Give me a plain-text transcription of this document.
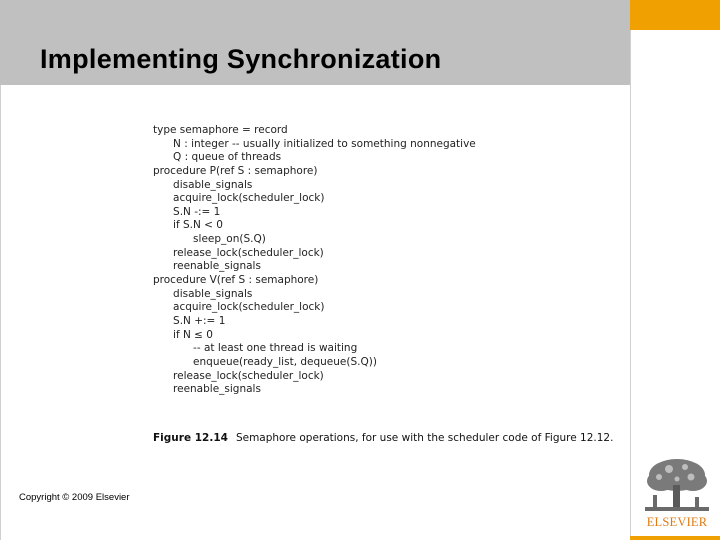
Implementing Synchronization
type semaphore = record
N : integer -- usually initialized to something nonnegative
Q : queue of threads
procedure P(ref S : semaphore)
disable_signals
acquire_lock(scheduler_lock)
S.N -:= 1
if S.N < 0
sleep_on(S.Q)
release_lock(scheduler_lock)
reenable_signals
procedure V(ref S : semaphore)
disable_signals
acquire_lock(scheduler_lock)
S.N +:= 1
if N ≤ 0
-- at least one thread is waiting
enqueue(ready_list, dequeue(S.Q))
release_lock(scheduler_lock)
reenable_signals
Figure 12.14 Semaphore operations, for use with the scheduler code of Figure 12.12.
Copyright © 2009 Elsevier
ELSEVIER
